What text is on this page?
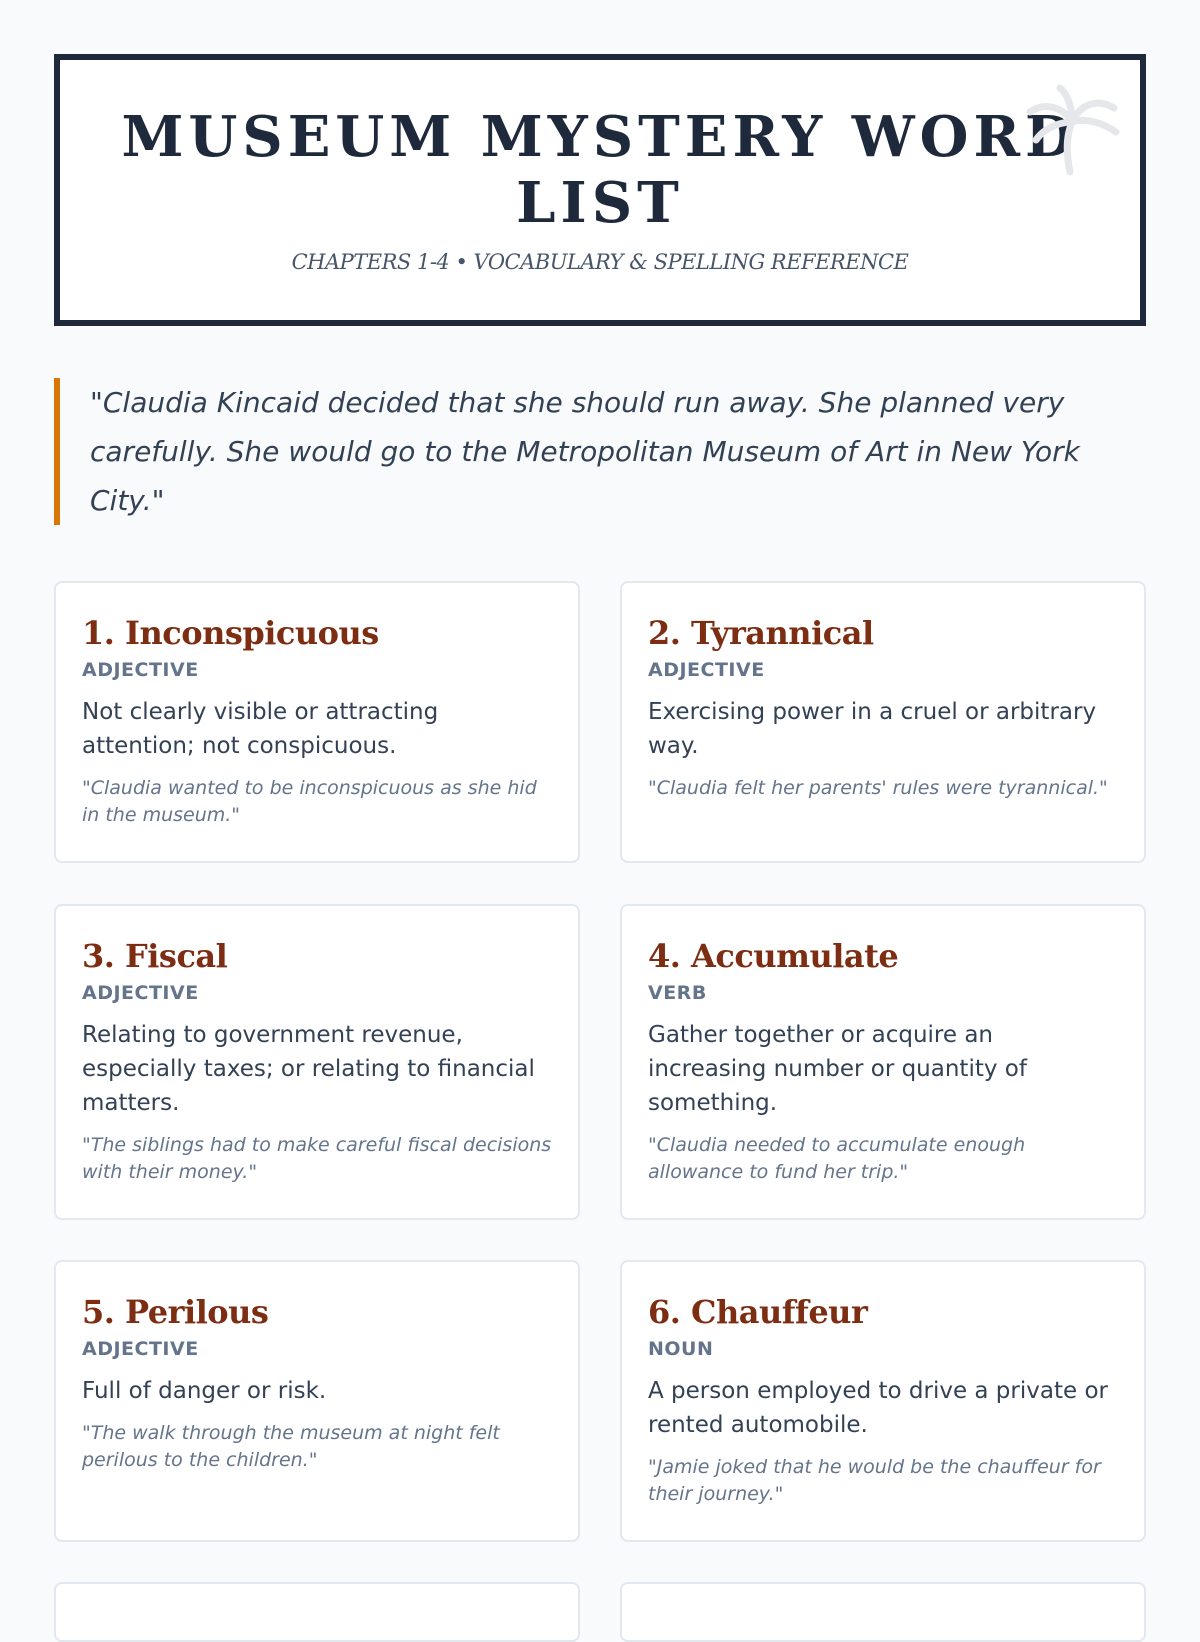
MUSEUM MYSTERY WORD LIST
CHAPTERS 1-4 • VOCABULARY & SPELLING REFERENCE
"Claudia Kincaid decided that she should run away. She planned very carefully. She would go to the Metropolitan Museum of Art in New York City."
1. Inconspicuous
ADJECTIVE
Not clearly visible or attracting attention; not conspicuous.
"Claudia wanted to be inconspicuous as she hid in the museum."
2. Tyrannical
ADJECTIVE
Exercising power in a cruel or arbitrary way.
"Claudia felt her parents' rules were tyrannical."
3. Fiscal
ADJECTIVE
Relating to government revenue, especially taxes; or relating to financial matters.
"The siblings had to make careful fiscal decisions with their money."
4. Accumulate
VERB
Gather together or acquire an increasing number or quantity of something.
"Claudia needed to accumulate enough allowance to fund her trip."
5. Perilous
ADJECTIVE
Full of danger or risk.
"The walk through the museum at night felt perilous to the children."
6. Chauffeur
NOUN
A person employed to drive a private or rented automobile.
"Jamie joked that he would be the chauffeur for their journey."
